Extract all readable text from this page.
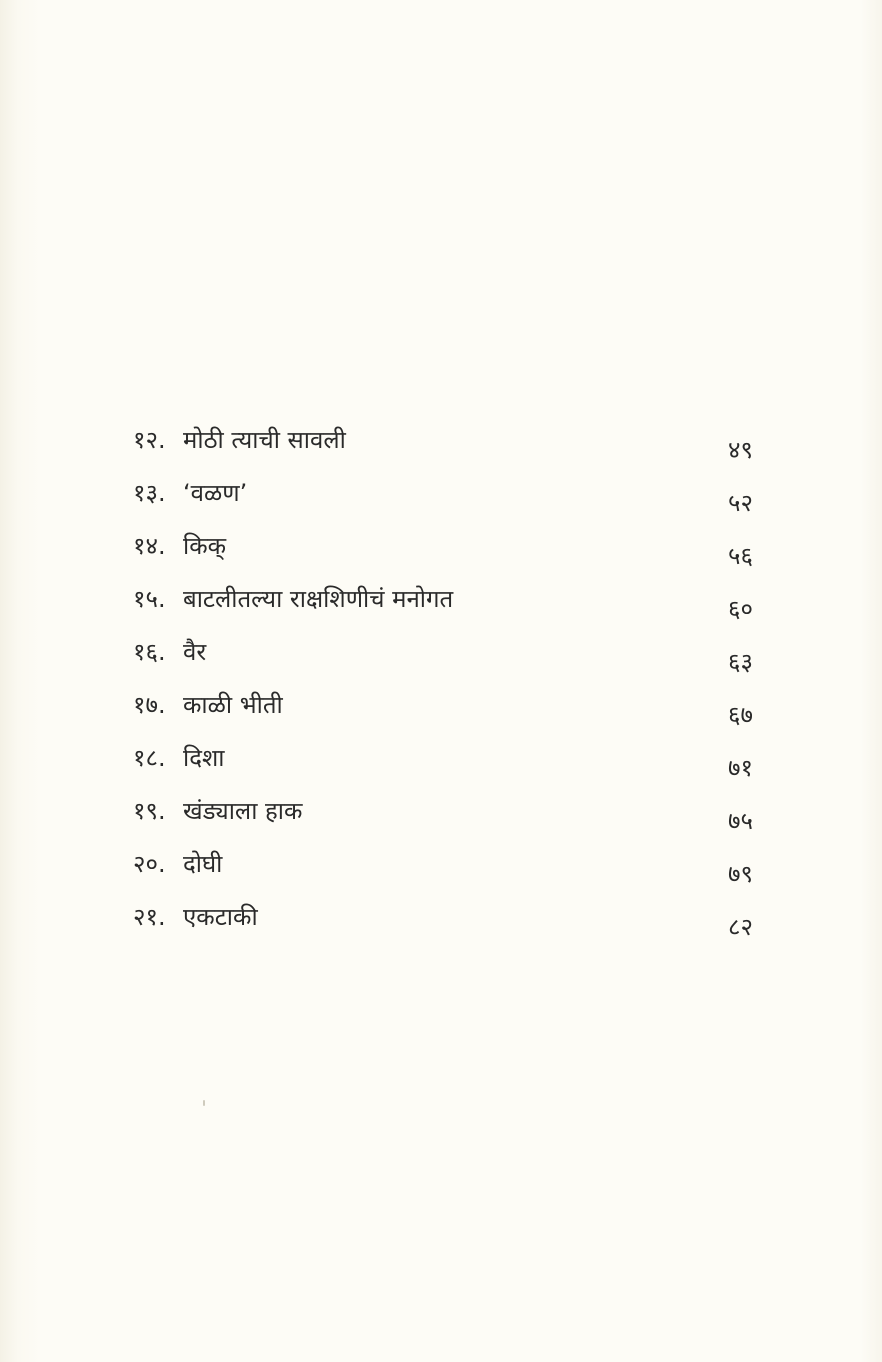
१२. मोठी त्याची सावली	४९
१३. ‘वळण’	५२
१४. किक्	५६
१५. बाटलीतल्या राक्षशिणीचं मनोगत	६०
१६. वैर	६३
१७. काळी भीती	६७
१८. दिशा	७१
१९. खंड्याला हाक	७५
२०. दोघी	७९
२१. एकटाकी	८२
